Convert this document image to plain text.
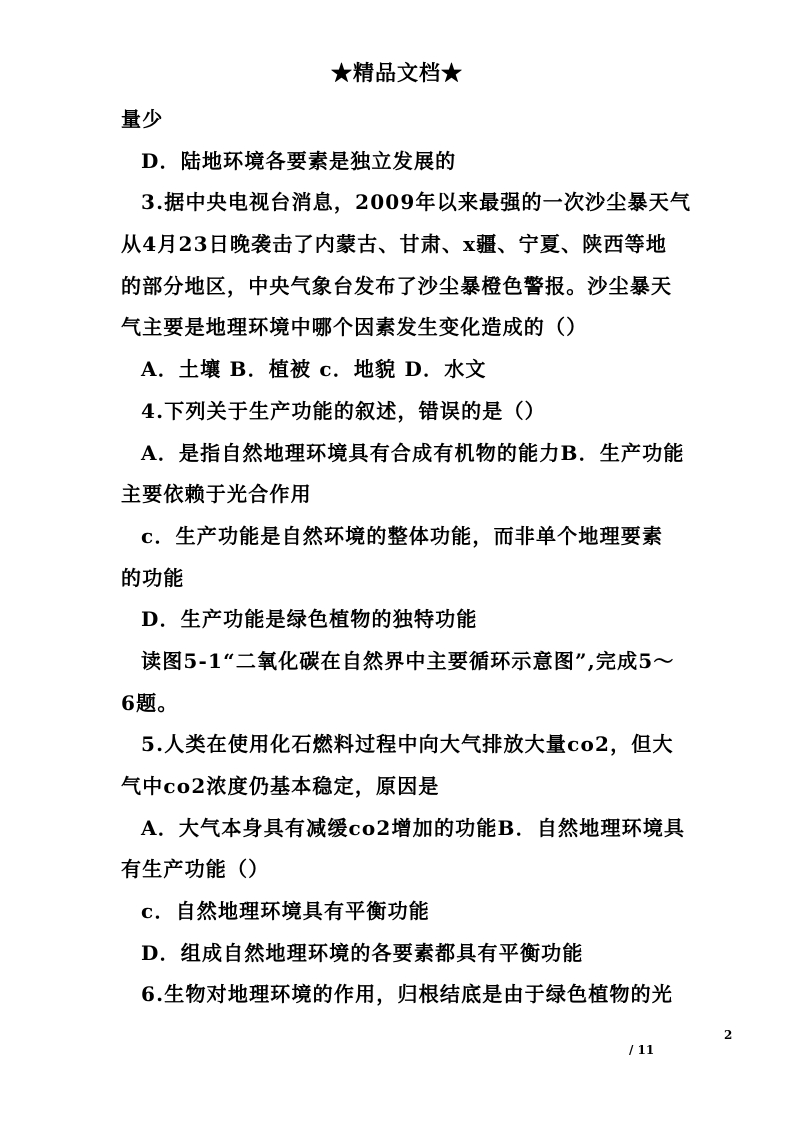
★精品文档★
量少
D．陆地环境各要素是独立发展的
3.据中央电视台消息，2009年以来最强的一次沙尘暴天气
从4月23日晚袭击了内蒙古、甘肃、x疆、宁夏、陕西等地
的部分地区，中央气象台发布了沙尘暴橙色警报。沙尘暴天
气主要是地理环境中哪个因素发生变化造成的（）
A．土壤 B．植被 c．地貌 D．水文
4.下列关于生产功能的叙述，错误的是（）
A．是指自然地理环境具有合成有机物的能力B．生产功能
主要依赖于光合作用
c．生产功能是自然环境的整体功能，而非单个地理要素
的功能
D．生产功能是绿色植物的独特功能
读图5-1“二氧化碳在自然界中主要循环示意图”,完成5～
6题。
5.人类在使用化石燃料过程中向大气排放大量co2，但大
气中co2浓度仍基本稳定，原因是
A．大气本身具有减缓co2增加的功能B．自然地理环境具
有生产功能（）
c．自然地理环境具有平衡功能
D．组成自然地理环境的各要素都具有平衡功能
6.生物对地理环境的作用，归根结底是由于绿色植物的光
2
/ 11
